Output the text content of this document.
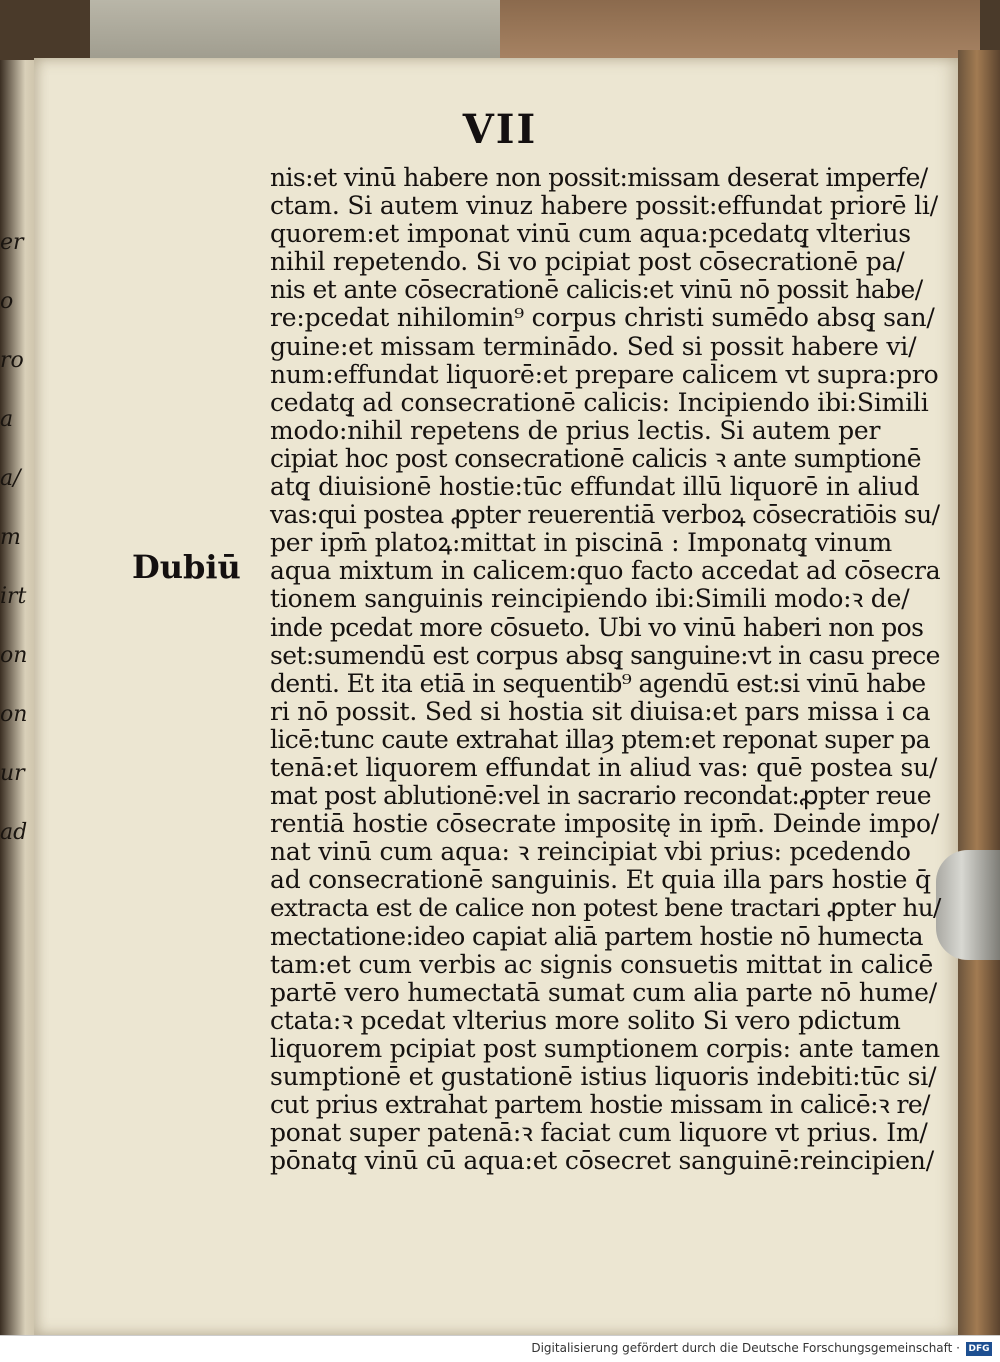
er
o
ro
a
a/
m
irt
on
on
ur
ad
VII
Dubiū
nis:et vinū habere non possit:missam deserat imperfe/
ctam. Si autem vinuz habere possit:effundat priorē li/
quorem:et imponat vinū cum aqua:pcedatq̧ vlterius
nihil repetendo. Si vo pcipiat post cōsecrationē pa/
nis et ante cōsecrationē calicis:et vinū nō possit habe/
re:pcedat nihilomin⁹ corpus christi sumēdo absq̧ san/
guine:et missam terminādo. Sed si possit habere vi/
num:effundat liquorē:et prepare calicem vt supra:pro
cedatq̧ ad consecrationē calicis: Incipiendo ibi:Simili
modo:nihil repetens de prius lectis. Si autem per
cipiat hoc post consecrationē calicis ꝛ ante sumptionē
atq̧ diuisionē hostie:tūc effundat illū liquorē in aliud
vas:qui postea ꝓpter reuerentiā verboꝝ cōsecratiōis su/
per ipm̄ platoꝝ:mittat in piscinā : Imponatq̧ vinum
aqua mixtum in calicem:quo facto accedat ad cōsecra
tionem sanguinis reincipiendo ibi:Simili modo:ꝛ de/
inde pcedat more cōsueto. Ubi vo vinū haberi non pos
set:sumendū est corpus absq̧ sanguine:vt in casu prece
denti. Et ita etiā in sequentib⁹ agendū est:si vinū habe
ri nō possit. Sed si hostia sit diuisa:et pars missa i ca
licē:tunc caute extrahat illaȝ ptem:et reponat super pa
tenā:et liquorem effundat in aliud vas: quē postea su/
mat post ablutionē:vel in sacrario recondat:ꝓpter reue
rentiā hostie cōsecrate impositę in ipm̄. Deinde impo/
nat vinū cum aqua: ꝛ reincipiat vbi prius: pcedendo
ad consecrationē sanguinis. Et quia illa pars hostie q̄
extracta est de calice non potest bene tractari ꝓpter hu/
mectatione:ideo capiat aliā partem hostie nō humecta
tam:et cum verbis ac signis consuetis mittat in calicē
partē vero humectatā sumat cum alia parte nō hume/
ctata:ꝛ pcedat vlterius more solito Si vero pdictum
liquorem pcipiat post sumptionem corpis: ante tamen
sumptionē et gustationē istius liquoris indebiti:tūc si/
cut prius extrahat partem hostie missam in calicē:ꝛ re/
ponat super patenā:ꝛ faciat cum liquore vt prius. Im/
pōnatq̧ vinū cū aqua:et cōsecret sanguinē:reincipien/
Digitalisierung gefördert durch die Deutsche Forschungsgemeinschaft · DFG
